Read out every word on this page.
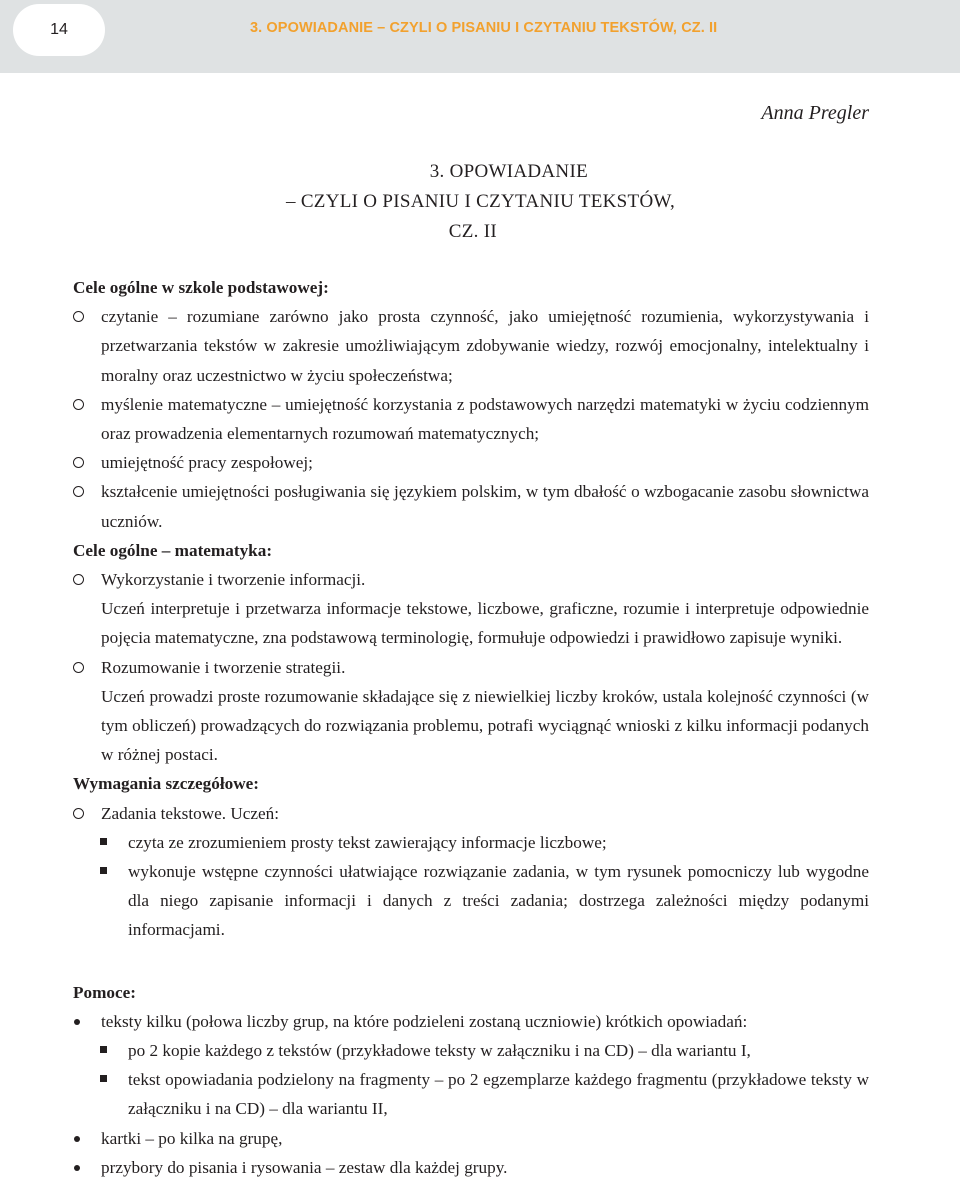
14	3. OPOWIADANIE – CZYLI O PISANIU I CZYTANIU TEKSTÓW, CZ. II
Anna Pregler
3. OPOWIADANIE
– CZYLI O PISANIU I CZYTANIU TEKSTÓW,
CZ. II

Cele ogólne w szkole podstawowej:

czytanie – rozumiane zarówno jako prosta czynność, jako umiejętność rozumienia, wykorzystywania i przetwarzania tekstów w zakresie umożliwiającym zdobywanie wiedzy, rozwój emocjonalny, intelektualny i moralny oraz uczestnictwo w życiu społeczeństwa;
myślenie matematyczne – umiejętność korzystania z podstawowych narzędzi matematyki w życiu codziennym oraz prowadzenia elementarnych rozumowań matematycznych;
umiejętność pracy zespołowej;
kształcenie umiejętności posługiwania się językiem polskim, w tym dbałość o wzbogacanie zasobu słownictwa uczniów.

Cele ogólne – matematyka:

Wykorzystanie i tworzenie informacji.

Uczeń interpretuje i przetwarza informacje tekstowe, liczbowe, graficzne, rozumie i interpretuje odpowiednie pojęcia matematyczne, zna podstawową terminologię, formułuje odpowiedzi i prawidłowo zapisuje wyniki.

Rozumowanie i tworzenie strategii.

Uczeń prowadzi proste rozumowanie składające się z niewielkiej liczby kroków, ustala kolejność czynności (w tym obliczeń) prowadzących do rozwiązania problemu, potrafi wyciągnąć wnioski z kilku informacji podanych w różnej postaci.

Wymagania szczegółowe:

Zadania tekstowe. Uczeń:
czyta ze zrozumieniem prosty tekst zawierający informacje liczbowe;
wykonuje wstępne czynności ułatwiające rozwiązanie zadania, w tym rysunek pomocniczy lub wygodne dla niego zapisanie informacji i danych z treści zadania; dostrzega zależności między podanymi informacjami.

Pomoce:

teksty kilku (połowa liczby grup, na które podzieleni zostaną uczniowie) krótkich opowiadań:
po 2 kopie każdego z tekstów (przykładowe teksty w załączniku i na CD) – dla wariantu I,
tekst opowiadania podzielony na fragmenty – po 2 egzemplarze każdego fragmentu (przykładowe teksty w załączniku i na CD) – dla wariantu II,
kartki – po kilka na grupę,
przybory do pisania i rysowania – zestaw dla każdej grupy.
